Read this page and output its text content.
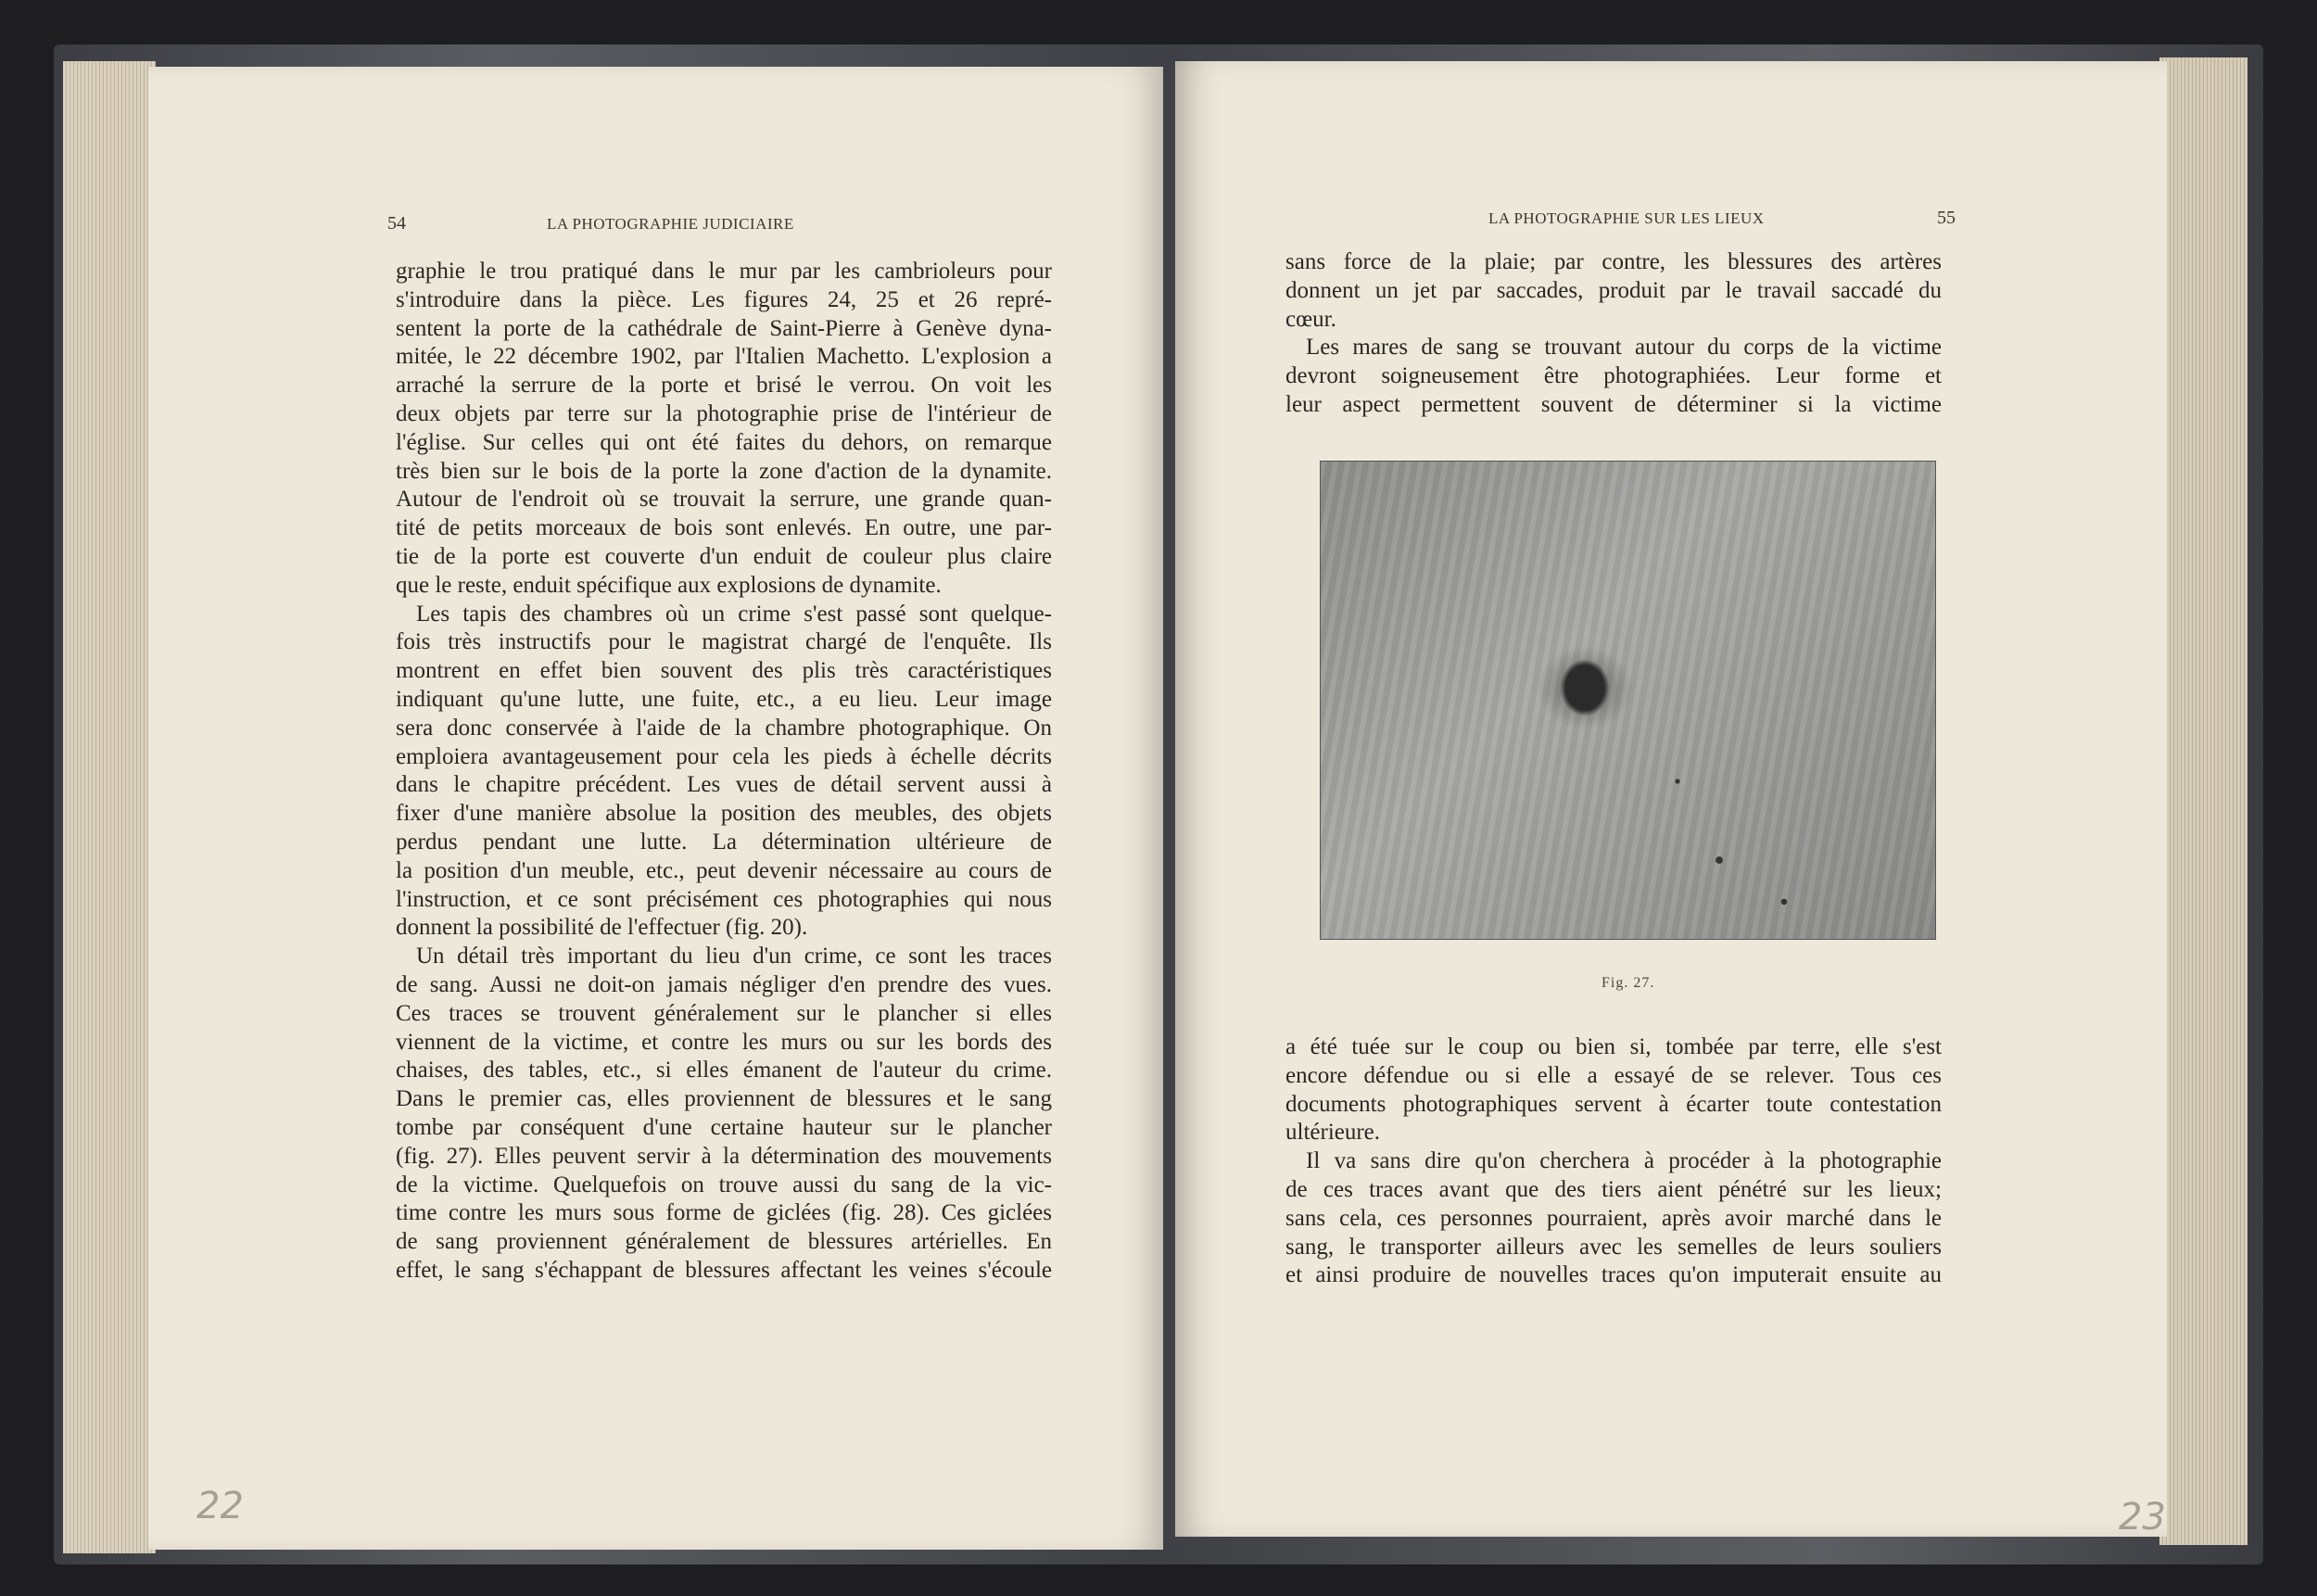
54	LA PHOTOGRAPHIE JUDICIAIRE
graphie le trou pratiqué dans le mur par les cambrioleurs pour
s'introduire dans la pièce. Les figures 24, 25 et 26 repré-
sentent la porte de la cathédrale de Saint-Pierre à Genève dyna-
mitée, le 22 décembre 1902, par l'Italien Machetto. L'explosion a
arraché la serrure de la porte et brisé le verrou. On voit les
deux objets par terre sur la photographie prise de l'intérieur de
l'église. Sur celles qui ont été faites du dehors, on remarque
très bien sur le bois de la porte la zone d'action de la dynamite.
Autour de l'endroit où se trouvait la serrure, une grande quan-
tité de petits morceaux de bois sont enlevés. En outre, une par-
tie de la porte est couverte d'un enduit de couleur plus claire
que le reste, enduit spécifique aux explosions de dynamite.
Les tapis des chambres où un crime s'est passé sont quelque-
fois très instructifs pour le magistrat chargé de l'enquête. Ils
montrent en effet bien souvent des plis très caractéristiques
indiquant qu'une lutte, une fuite, etc., a eu lieu. Leur image
sera donc conservée à l'aide de la chambre photographique. On
emploiera avantageusement pour cela les pieds à échelle décrits
dans le chapitre précédent. Les vues de détail servent aussi à
fixer d'une manière absolue la position des meubles, des objets
perdus pendant une lutte. La détermination ultérieure de
la position d'un meuble, etc., peut devenir nécessaire au cours de
l'instruction, et ce sont précisément ces photographies qui nous
donnent la possibilité de l'effectuer (fig. 20).
Un détail très important du lieu d'un crime, ce sont les traces
de sang. Aussi ne doit-on jamais négliger d'en prendre des vues.
Ces traces se trouvent généralement sur le plancher si elles
viennent de la victime, et contre les murs ou sur les bords des
chaises, des tables, etc., si elles émanent de l'auteur du crime.
Dans le premier cas, elles proviennent de blessures et le sang
tombe par conséquent d'une certaine hauteur sur le plancher
(fig. 27). Elles peuvent servir à la détermination des mouvements
de la victime. Quelquefois on trouve aussi du sang de la vic-
time contre les murs sous forme de giclées (fig. 28). Ces giclées
de sang proviennent généralement de blessures artérielles. En
effet, le sang s'échappant de blessures affectant les veines s'écoule
22
LA PHOTOGRAPHIE SUR LES LIEUX	55
sans force de la plaie; par contre, les blessures des artères
donnent un jet par saccades, produit par le travail saccadé du
cœur.
Les mares de sang se trouvant autour du corps de la victime
devront soigneusement être photographiées. Leur forme et
leur aspect permettent souvent de déterminer si la victime
Fig. 27.
a été tuée sur le coup ou bien si, tombée par terre, elle s'est
encore défendue ou si elle a essayé de se relever. Tous ces
documents photographiques servent à écarter toute contestation
ultérieure.
Il va sans dire qu'on cherchera à procéder à la photographie
de ces traces avant que des tiers aient pénétré sur les lieux;
sans cela, ces personnes pourraient, après avoir marché dans le
sang, le transporter ailleurs avec les semelles de leurs souliers
et ainsi produire de nouvelles traces qu'on imputerait ensuite au
23
